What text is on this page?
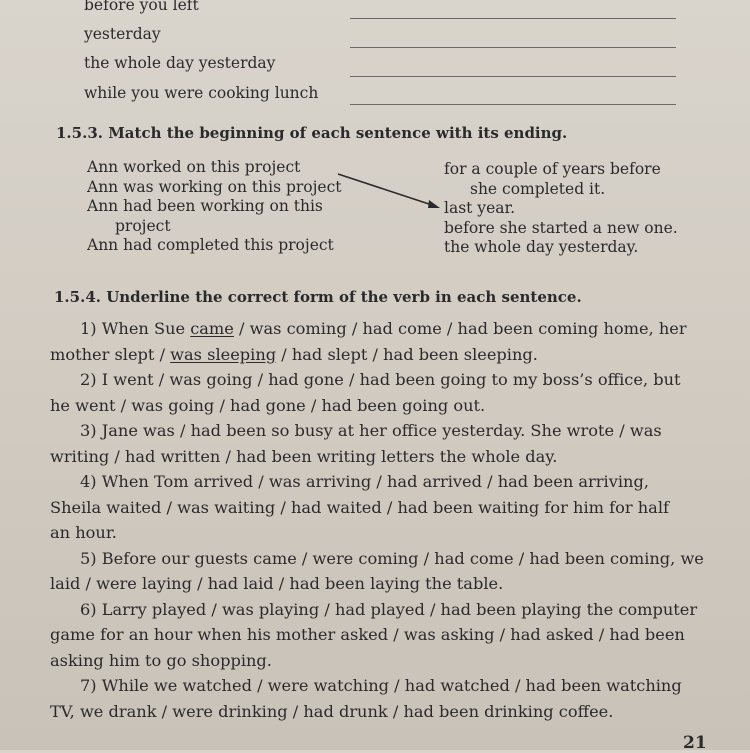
before you left
yesterday
the whole day yesterday
while you were cooking lunch
1.5.3. Match the beginning of each sentence with its ending.
Ann worked on this project
Ann was working on this project
Ann had been working on this
project
Ann had completed this project
for a couple of years before
she completed it.
last year.
before she started a new one.
the whole day yesterday.
1.5.4. Underline the correct form of the verb in each sentence.
1) When Sue came / was coming / had come / had been coming home, her
mother slept / was sleeping / had slept / had been sleeping.
2) I went / was going / had gone / had been going to my boss’s office, but
he went / was going / had gone / had been going out.
3) Jane was / had been so busy at her office yesterday. She wrote / was
writing / had written / had been writing letters the whole day.
4) When Tom arrived / was arriving / had arrived / had been arriving,
Sheila waited / was waiting / had waited / had been waiting for him for half
an hour.
5) Before our guests came / were coming / had come / had been coming, we
laid / were laying / had laid / had been laying the table.
6) Larry played / was playing / had played / had been playing the computer
game for an hour when his mother asked / was asking / had asked / had been
asking him to go shopping.
7) While we watched / were watching / had watched / had been watching
TV, we drank / were drinking / had drunk / had been drinking coffee.
21
